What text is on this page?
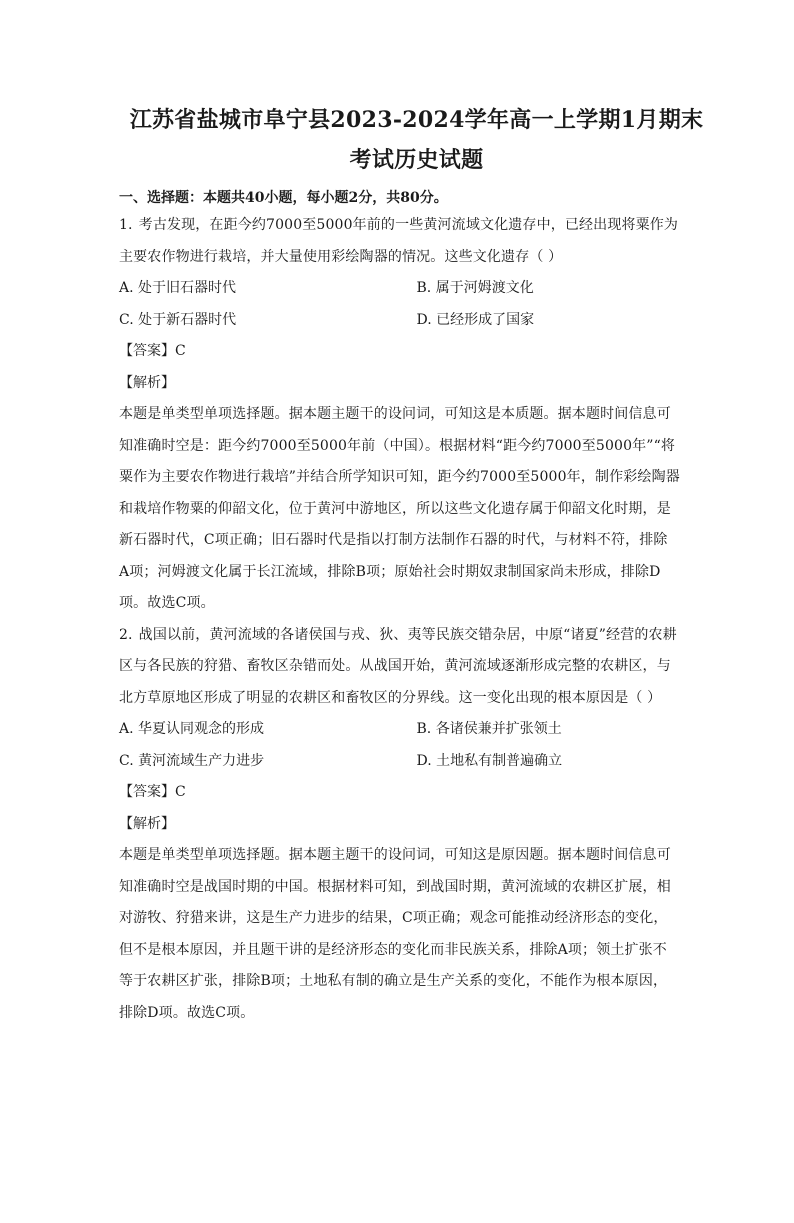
江苏省盐城市阜宁县2023-2024学年高一上学期1月期末
考试历史试题
一、选择题：本题共40小题，每小题2分，共80分。
1. 考古发现，在距今约7000至5000年前的一些黄河流域文化遗存中，已经出现将粟作为
主要农作物进行栽培，并大量使用彩绘陶器的情况。这些文化遗存（ ）
A. 处于旧石器时代	B. 属于河姆渡文化
C. 处于新石器时代	D. 已经形成了国家
【答案】C
【解析】
本题是单类型单项选择题。据本题主题干的设问词，可知这是本质题。据本题时间信息可
知准确时空是：距今约7000至5000年前（中国）。根据材料“距今约7000至5000年”“将
粟作为主要农作物进行栽培”并结合所学知识可知，距今约7000至5000年，制作彩绘陶器
和栽培作物粟的仰韶文化，位于黄河中游地区，所以这些文化遗存属于仰韶文化时期，是
新石器时代，C项正确；旧石器时代是指以打制方法制作石器的时代，与材料不符，排除
A项；河姆渡文化属于长江流域，排除B项；原始社会时期奴隶制国家尚未形成，排除D
项。故选C项。
2. 战国以前，黄河流域的各诸侯国与戎、狄、夷等民族交错杂居，中原“诸夏”经营的农耕
区与各民族的狩猎、畜牧区杂错而处。从战国开始，黄河流域逐渐形成完整的农耕区，与
北方草原地区形成了明显的农耕区和畜牧区的分界线。这一变化出现的根本原因是（ ）
A. 华夏认同观念的形成	B. 各诸侯兼并扩张领土
C. 黄河流域生产力进步	D. 土地私有制普遍确立
【答案】C
【解析】
本题是单类型单项选择题。据本题主题干的设问词，可知这是原因题。据本题时间信息可
知准确时空是战国时期的中国。根据材料可知，到战国时期，黄河流域的农耕区扩展，相
对游牧、狩猎来讲，这是生产力进步的结果，C项正确；观念可能推动经济形态的变化，
但不是根本原因，并且题干讲的是经济形态的变化而非民族关系，排除A项；领土扩张不
等于农耕区扩张，排除B项；土地私有制的确立是生产关系的变化，不能作为根本原因，
排除D项。故选C项。
